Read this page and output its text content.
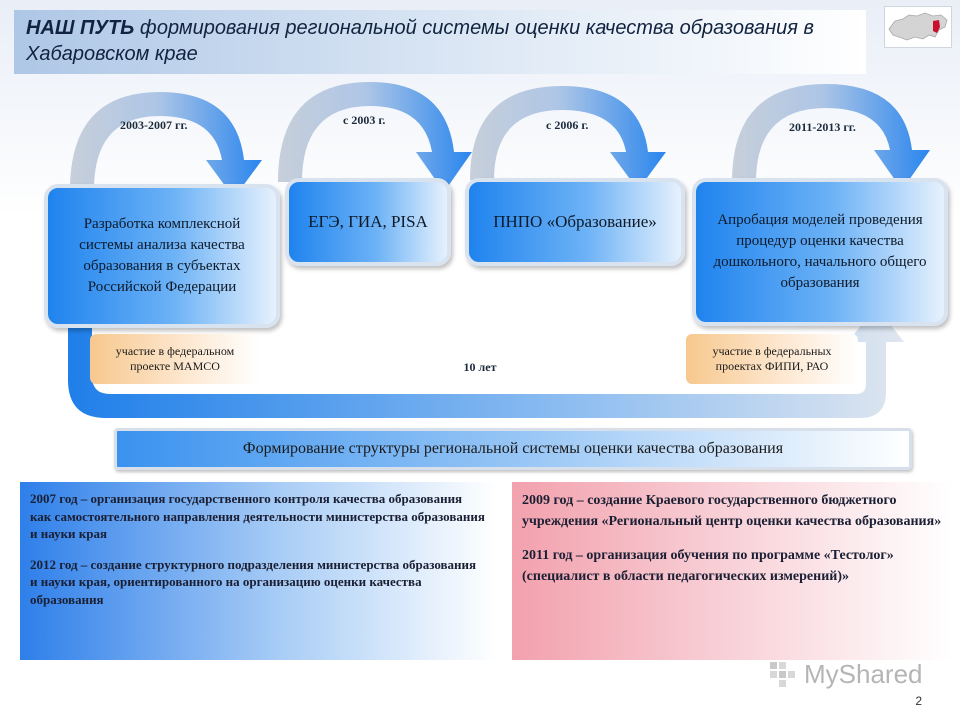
НАШ ПУТЬ формирования региональной системы оценки качества образования в Хабаровском крае
2003-2007 гг.	с 2003 г.	с 2006 г.	2011-2013 гг.
Разработка комплексной системы анализа качества образования в субъектах Российской Федерации
ЕГЭ, ГИА, PISA	ПНПО «Образование»	Апробация моделей проведения процедур оценки качества дошкольного, начального общего образования
участие в федеральном проекте МАМСО
участие в федеральных проектах ФИПИ, РАО
10 лет
Формирование структуры региональной системы оценки качества образования

2007 год – организация государственного контроля качества образования как самостоятельного направления деятельности министерства образования и науки края

2012 год – создание структурного подразделения министерства образования и науки края, ориентированного на организацию оценки качества образования

2009 год – создание Краевого государственного бюджетного учреждения «Региональный центр оценки качества образования»

2011 год – организация обучения по программе «Тестолог» (специалист в области педагогических измерений)»

MyShared
2
